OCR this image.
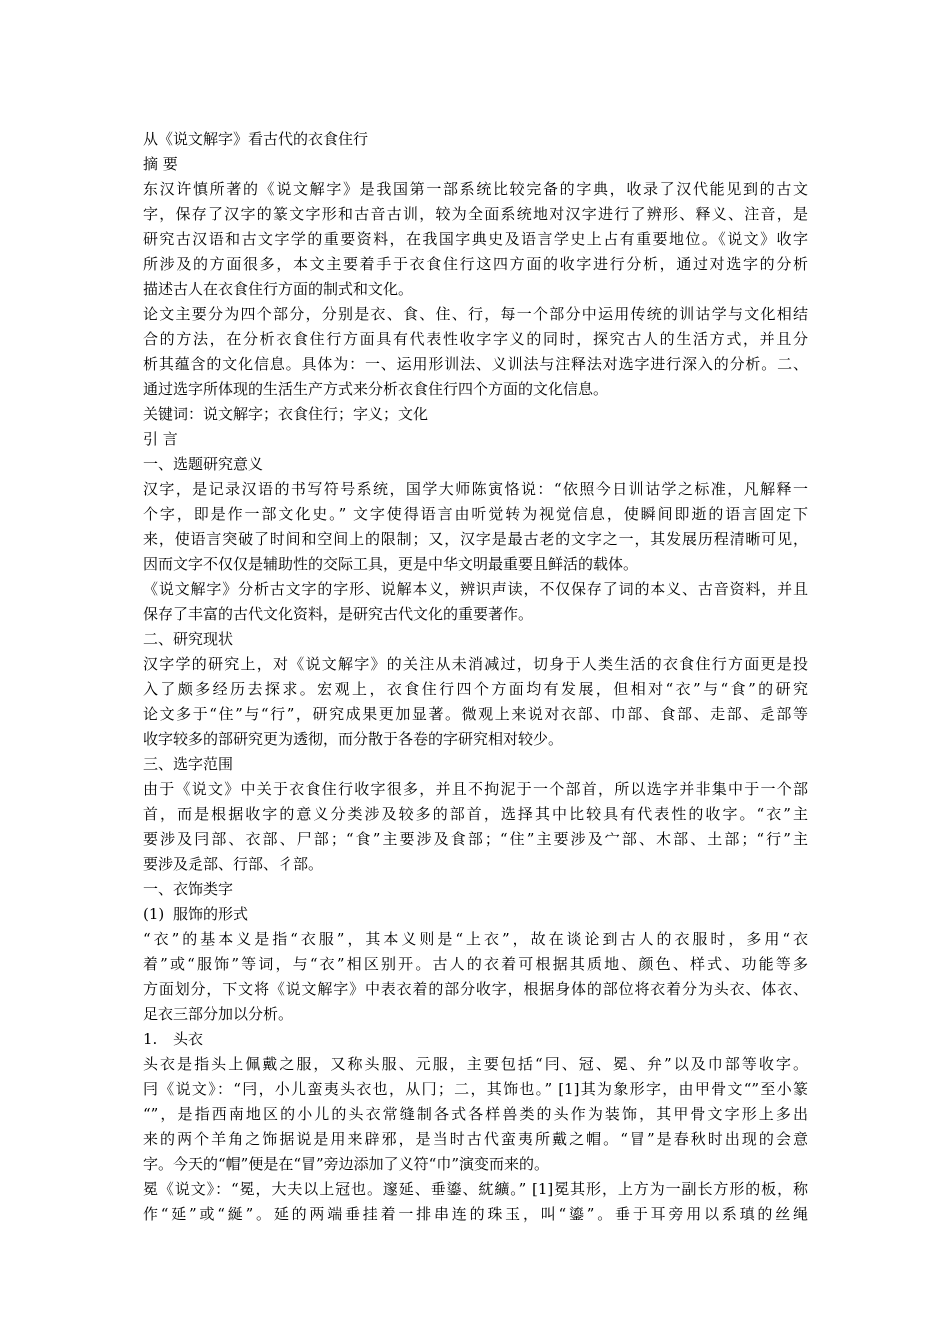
从《说文解字》看古代的衣食住行
摘 要
东汉许慎所著的《说文解字》是我国第一部系统比较完备的字典，收录了汉代能见到的古文
字，保存了汉字的篆文字形和古音古训，较为全面系统地对汉字进行了辨形、释义、注音，是
研究古汉语和古文字学的重要资料，在我国字典史及语言学史上占有重要地位。《说文》收字
所涉及的方面很多，本文主要着手于衣食住行这四方面的收字进行分析，通过对选字的分析
描述古人在衣食住行方面的制式和文化。
论文主要分为四个部分，分别是衣、食、住、行，每一个部分中运用传统的训诂学与文化相结
合的方法，在分析衣食住行方面具有代表性收字字义的同时，探究古人的生活方式，并且分
析其蕴含的文化信息。具体为：一、运用形训法、义训法与注释法对选字进行深入的分析。二、
通过选字所体现的生活生产方式来分析衣食住行四个方面的文化信息。
关键词：说文解字；衣食住行；字义；文化
引 言
一、选题研究意义
汉字，是记录汉语的书写符号系统，国学大师陈寅恪说：“依照今日训诂学之标准，凡解释一
个字，即是作一部文化史。” 文字使得语言由听觉转为视觉信息，使瞬间即逝的语言固定下
来，使语言突破了时间和空间上的限制；又，汉字是最古老的文字之一，其发展历程清晰可见，
因而文字不仅仅是辅助性的交际工具，更是中华文明最重要且鲜活的载体。
《说文解字》分析古文字的字形、说解本义，辨识声读，不仅保存了词的本义、古音资料，并且
保存了丰富的古代文化资料，是研究古代文化的重要著作。
二、研究现状
汉字学的研究上，对《说文解字》的关注从未消减过，切身于人类生活的衣食住行方面更是投
入了颇多经历去探求。宏观上，衣食住行四个方面均有发展，但相对“衣”与“食”的研究
论文多于“住”与“行”，研究成果更加显著。微观上来说对衣部、巾部、食部、走部、辵部等
收字较多的部研究更为透彻，而分散于各卷的字研究相对较少。
三、选字范围
由于《说文》中关于衣食住行收字很多，并且不拘泥于一个部首，所以选字并非集中于一个部
首，而是根据收字的意义分类涉及较多的部首，选择其中比较具有代表性的收字。“衣”主
要涉及冃部、衣部、尸部；“食”主要涉及食部；“住”主要涉及宀部、木部、土部；“行”主
要涉及辵部、行部、彳部。
一、衣饰类字
(1) 服饰的形式
“衣”的基本义是指“衣服”，其本义则是“上衣”，故在谈论到古人的衣服时，多用“衣
着”或“服饰”等词，与“衣”相区别开。古人的衣着可根据其质地、颜色、样式、功能等多
方面划分，下文将《说文解字》中表衣着的部分收字，根据身体的部位将衣着分为头衣、体衣、
足衣三部分加以分析。
1. 头衣
头衣是指头上佩戴之服，又称头服、元服，主要包括“冃、冠、冕、弁”以及巾部等收字。
冃《说文》：“冃，小儿蛮夷头衣也，从冂；二，其饰也。” [1]其为象形字，由甲骨文“”至小篆
“”，是指西南地区的小儿的头衣常缝制各式各样兽类的头作为装饰，其甲骨文字形上多出
来的两个羊角之饰据说是用来辟邪，是当时古代蛮夷所戴之帽。“冒”是春秋时出现的会意
字。今天的“帽”便是在“冒”旁边添加了义符“巾”演变而来的。
冕《说文》：“冕，大夫以上冠也。邃延、垂鎏、紞纊。” [1]冕其形，上方为一副长方形的板，称
作“延”或“綖”。延的两端垂挂着一排串连的珠玉，叫“鎏”。垂于耳旁用以系瑱的丝绳
